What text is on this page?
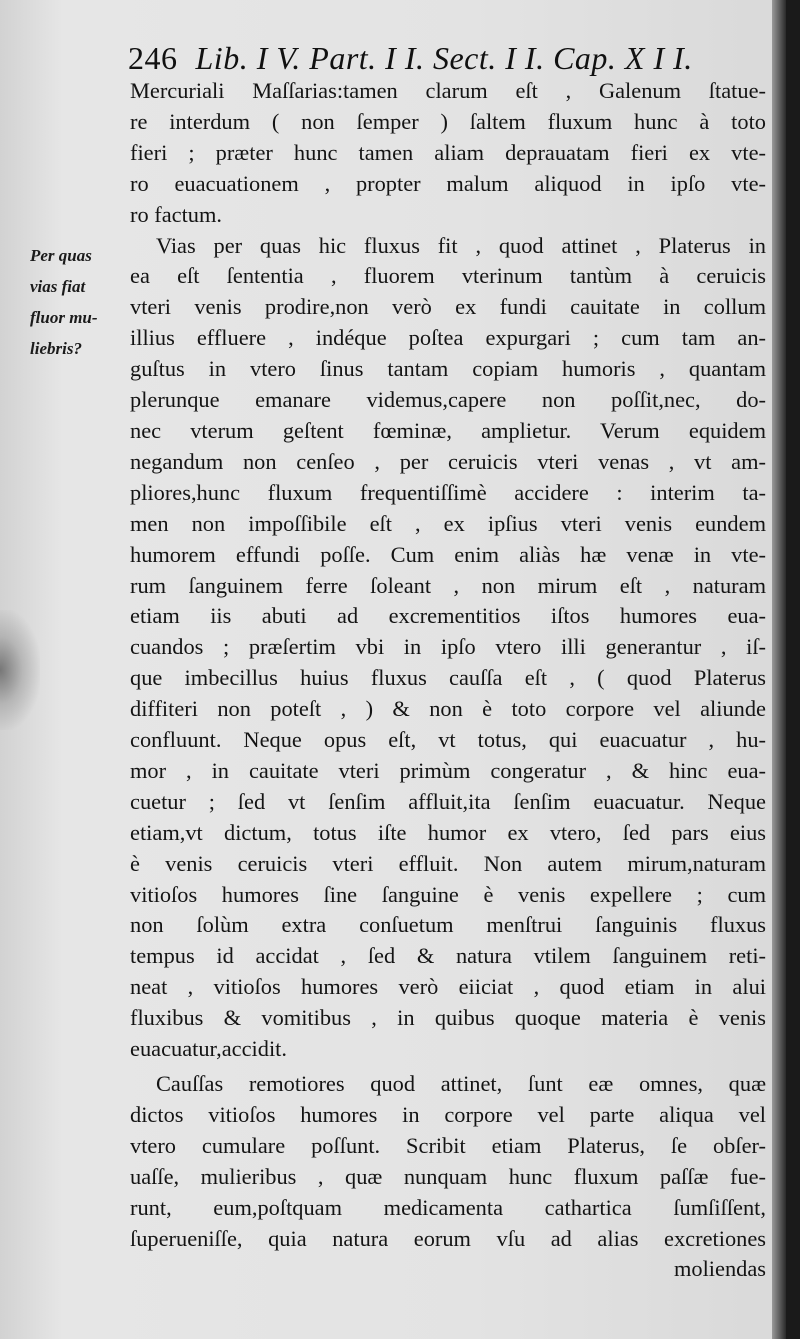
246 Lib. I V. Part. I I. Sect. I I. Cap. X I I.
Per quas
vias fiat
fluor mu-
liebris?
Mercuriali Maſſarias:tamen clarum eſt , Galenum ſtatue-
re interdum ( non ſemper ) ſaltem fluxum hunc à toto
fieri ; præter hunc tamen aliam deprauatam fieri ex vte-
ro euacuationem , propter malum aliquod in ipſo vte-
ro factum.
Vias per quas hic fluxus fit , quod attinet , Platerus in
ea eſt ſententia , fluorem vterinum tantùm à ceruicis
vteri venis prodire,non verò ex fundi cauitate in collum
illius effluere , indéque poſtea expurgari ; cum tam an-
guſtus in vtero ſinus tantam copiam humoris , quantam
plerunque emanare videmus,capere non poſſit,nec, do-
nec vterum geſtent fœminæ, amplietur. Verum equidem
negandum non cenſeo , per ceruicis vteri venas , vt am-
pliores,hunc fluxum frequentiſſimè accidere : interim ta-
men non impoſſibile eſt , ex ipſius vteri venis eundem
humorem effundi poſſe. Cum enim aliàs hæ venæ in vte-
rum ſanguinem ferre ſoleant , non mirum eſt , naturam
etiam iis abuti ad excrementitios iſtos humores eua-
cuandos ; præſertim vbi in ipſo vtero illi generantur , iſ-
que imbecillus huius fluxus cauſſa eſt , ( quod Platerus
diffiteri non poteſt , ) & non è toto corpore vel aliunde
confluunt. Neque opus eſt, vt totus, qui euacuatur , hu-
mor , in cauitate vteri primùm congeratur , & hinc eua-
cuetur ; ſed vt ſenſim affluit,ita ſenſim euacuatur. Neque
etiam,vt dictum, totus iſte humor ex vtero, ſed pars eius
è venis ceruicis vteri effluit. Non autem mirum,naturam
vitioſos humores ſine ſanguine è venis expellere ; cum
non ſolùm extra conſuetum menſtrui ſanguinis fluxus
tempus id accidat , ſed & natura vtilem ſanguinem reti-
neat , vitioſos humores verò eiiciat , quod etiam in alui
fluxibus & vomitibus , in quibus quoque materia è venis
euacuatur,accidit.
Cauſſas remotiores quod attinet, ſunt eæ omnes, quæ
dictos vitioſos humores in corpore vel parte aliqua vel
vtero cumulare poſſunt. Scribit etiam Platerus, ſe obſer-
uaſſe, mulieribus , quæ nunquam hunc fluxum paſſæ fue-
runt, eum,poſtquam medicamenta cathartica ſumſiſſent,
ſuperueniſſe, quia natura eorum vſu ad alias excretiones
moliendas
